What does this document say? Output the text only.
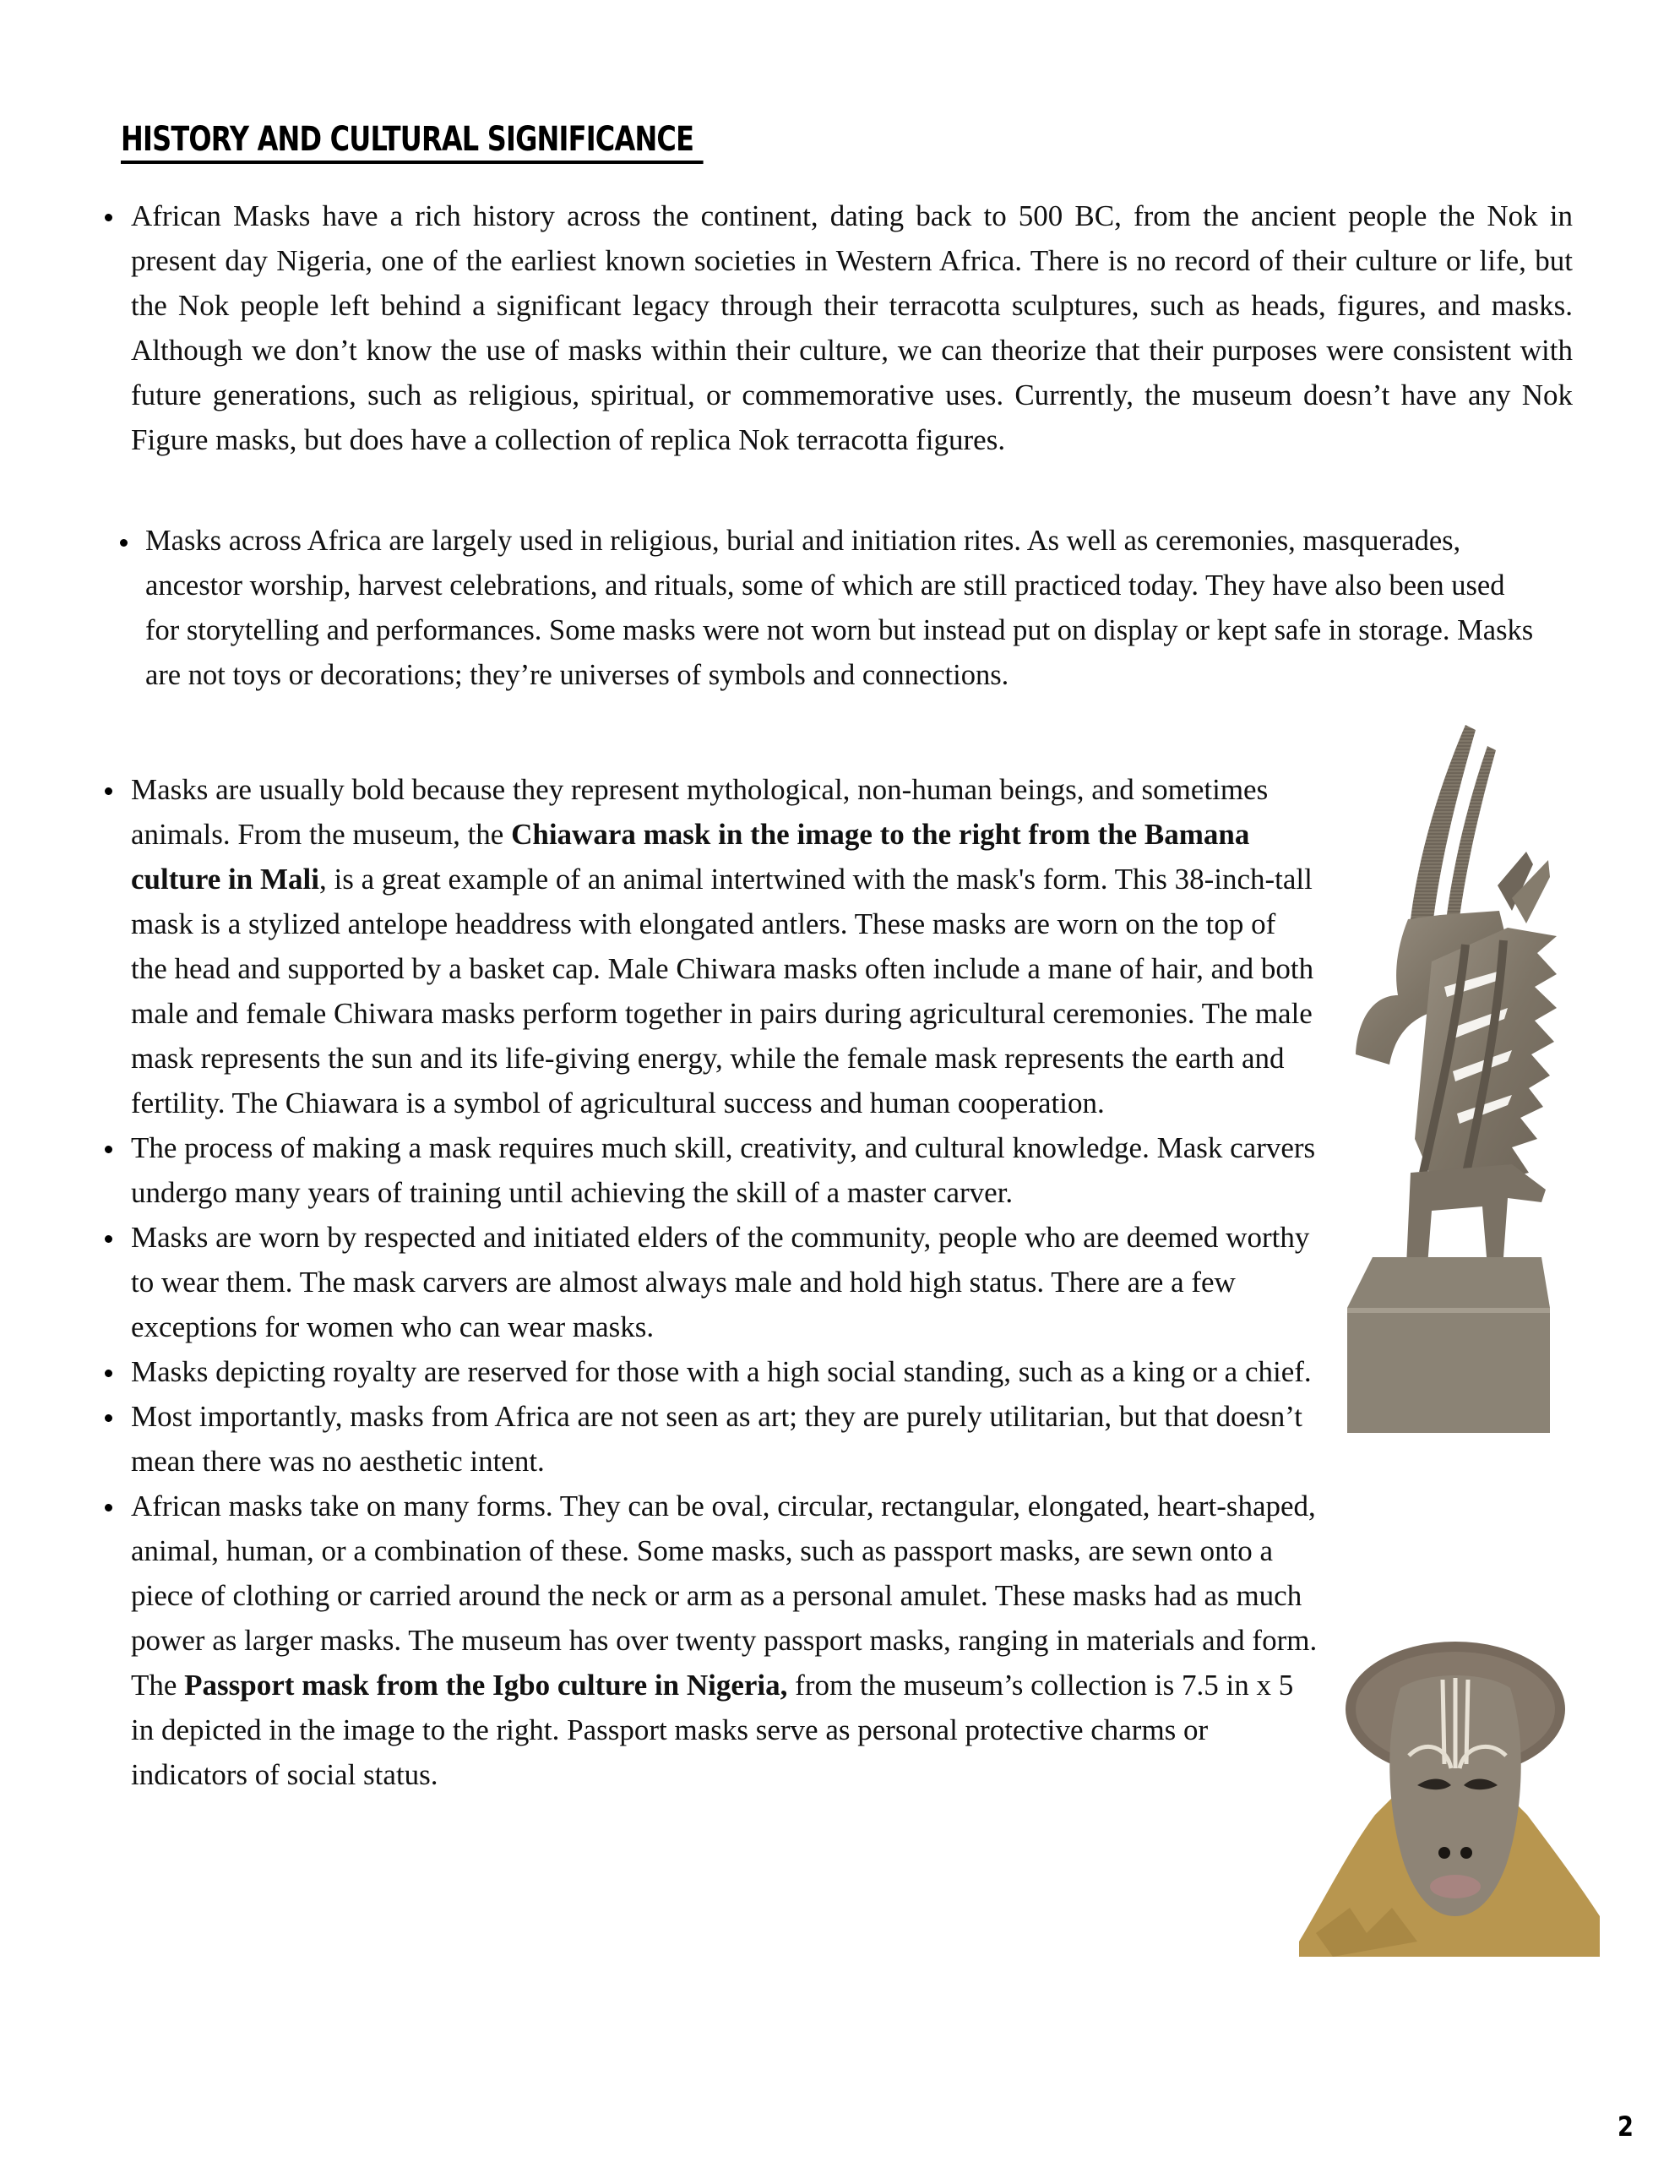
HISTORY AND CULTURAL SIGNIFICANCE
African Masks have a rich history across the continent, dating back to 500 BC, from the ancient people the Nok in present day Nigeria, one of the earliest known societies in Western Africa. There is no record of their culture or life, but the Nok people left behind a significant legacy through their terracotta sculptures, such as heads, figures, and masks. Although we don’t know the use of masks within their culture, we can theorize that their purposes were consistent with future generations, such as religious, spiritual, or commemorative uses. Currently, the museum doesn’t have any Nok Figure masks, but does have a collection of replica Nok terracotta figures.
Masks across Africa are largely used in religious, burial and initiation rites. As well as ceremonies, masquerades, ancestor worship, harvest celebrations, and rituals, some of which are still practiced today. They have also been used for storytelling and performances. Some masks were not worn but instead put on display or kept safe in storage. Masks are not toys or decorations; they’re universes of symbols and connections.
Masks are usually bold because they represent mythological, non-human beings, and sometimes animals. From the museum, the Chiawara mask in the image to the right from the Bamana culture in Mali, is a great example of an animal intertwined with the mask's form. This 38-inch-tall mask is a stylized antelope headdress with elongated antlers. These masks are worn on the top of the head and supported by a basket cap. Male Chiwara masks often include a mane of hair, and both male and female Chiwara masks perform together in pairs during agricultural ceremonies. The male mask represents the sun and its life-giving energy, while the female mask represents the earth and fertility. The Chiawara is a symbol of agricultural success and human cooperation.
The process of making a mask requires much skill, creativity, and cultural knowledge. Mask carvers undergo many years of training until achieving the skill of a master carver.
Masks are worn by respected and initiated elders of the community, people who are deemed worthy to wear them. The mask carvers are almost always male and hold high status. There are a few exceptions for women who can wear masks.
Masks depicting royalty are reserved for those with a high social standing, such as a king or a chief.
Most importantly, masks from Africa are not seen as art; they are purely utilitarian, but that doesn’t mean there was no aesthetic intent.
African masks take on many forms. They can be oval, circular, rectangular, elongated, heart-shaped, animal, human, or a combination of these. Some masks, such as passport masks, are sewn onto a piece of clothing or carried around the neck or arm as a personal amulet. These masks had as much power as larger masks. The museum has over twenty passport masks, ranging in materials and form. The Passport mask from the Igbo culture in Nigeria, from the museum’s collection is 7.5 in x 5 in depicted in the image to the right. Passport masks serve as personal protective charms or indicators of social status.
2
